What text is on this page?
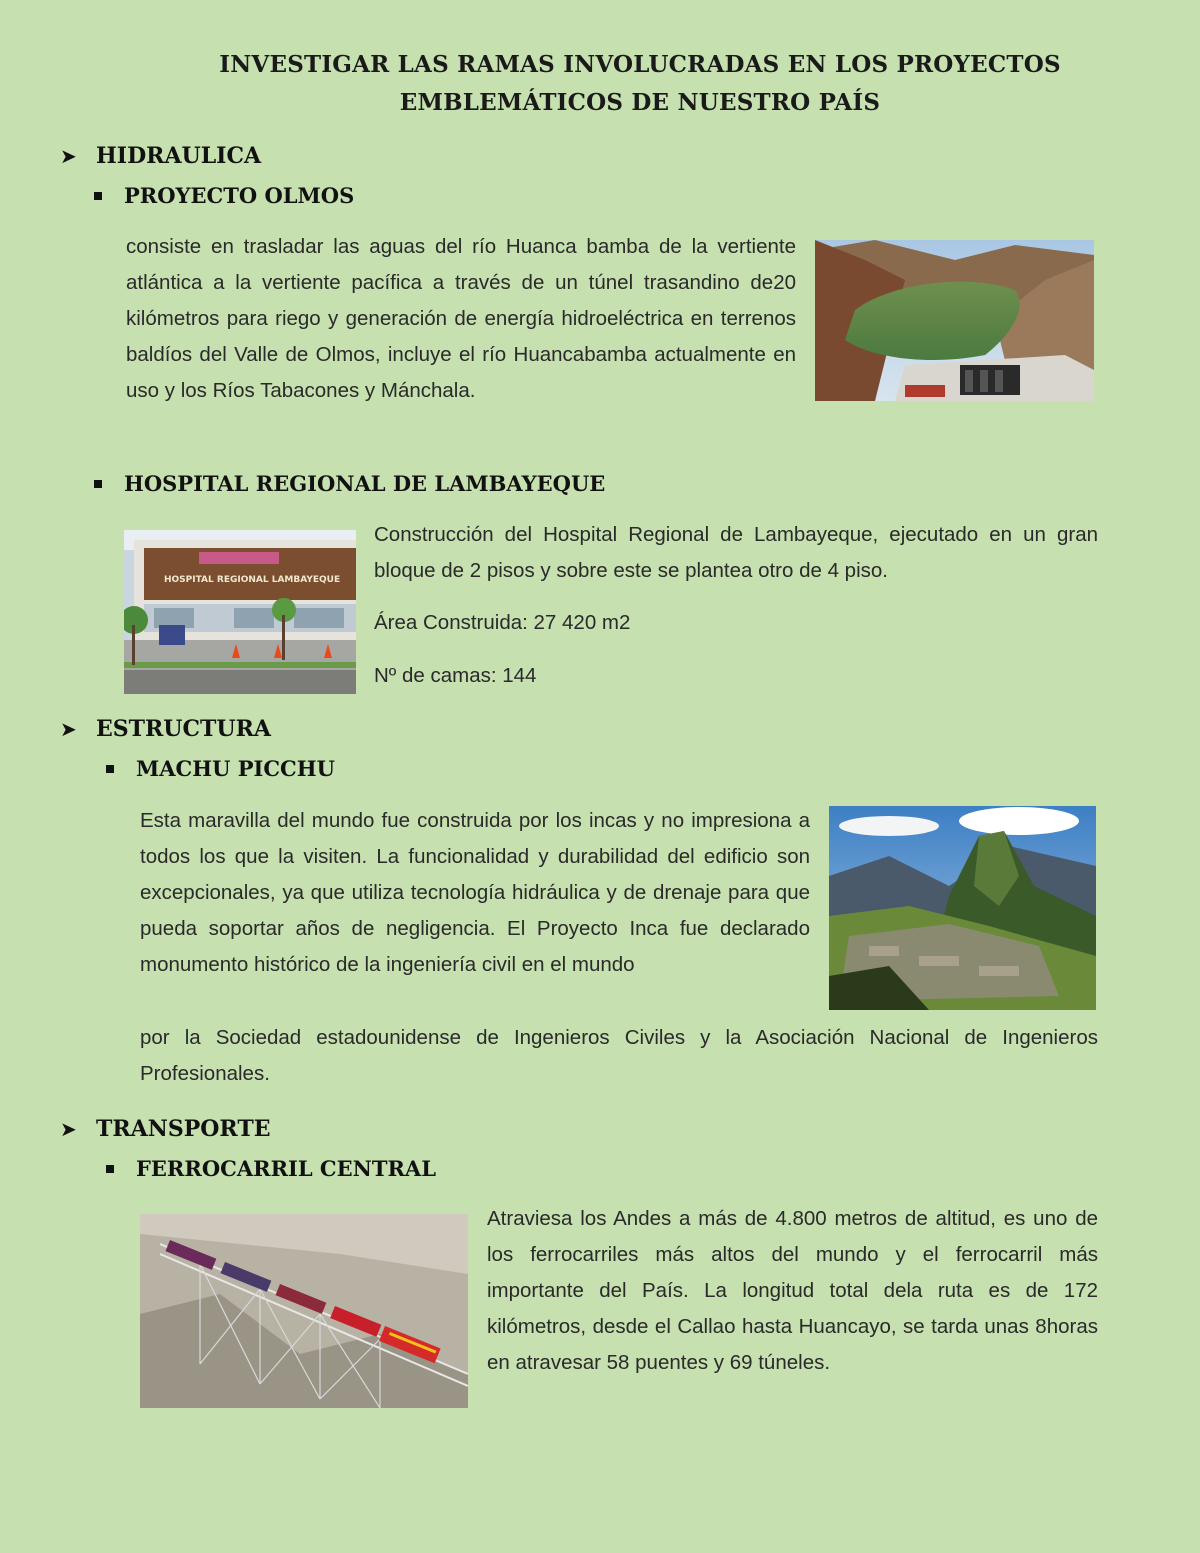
INVESTIGAR LAS RAMAS INVOLUCRADAS EN LOS PROYECTOS
EMBLEMÁTICOS DE NUESTRO PAÍS
➤ HIDRAULICA
PROYECTO OLMOS

consiste en trasladar las aguas del río Huanca bamba de la vertiente atlántica a la vertiente pacífica a través de un túnel trasandino de20 kilómetros para riego y generación de energía hidroeléctrica en terrenos baldíos del Valle de Olmos, incluye el río Huancabamba actualmente en uso y los Ríos Tabacones y Mánchala.

HOSPITAL REGIONAL DE LAMBAYEQUE
HOSPITAL REGIONAL LAMBAYEQUE

Construcción del Hospital Regional de Lambayeque, ejecutado en un gran bloque de 2 pisos y sobre este se plantea otro de 4 piso.

Área Construida: 27 420 m2

Nº de camas: 144

➤ ESTRUCTURA
MACHU PICCHU

Esta maravilla del mundo fue construida por los incas y no impresiona a todos los que la visiten. La funcionalidad y durabilidad del edificio son excepcionales, ya que utiliza tecnología hidráulica y de drenaje para que pueda soportar años de negligencia. El Proyecto Inca fue declarado monumento histórico de la ingeniería civil en el mundo

por la Sociedad estadounidense de Ingenieros Civiles y la Asociación Nacional de Ingenieros Profesionales.

➤ TRANSPORTE
FERROCARRIL CENTRAL

Atraviesa los Andes a más de 4.800 metros de altitud, es uno de los ferrocarriles más altos del mundo y el ferrocarril más importante del País. La longitud total dela ruta es de 172 kilómetros, desde el Callao hasta Huancayo, se tarda unas 8horas en atravesar 58 puentes y 69 túneles.
